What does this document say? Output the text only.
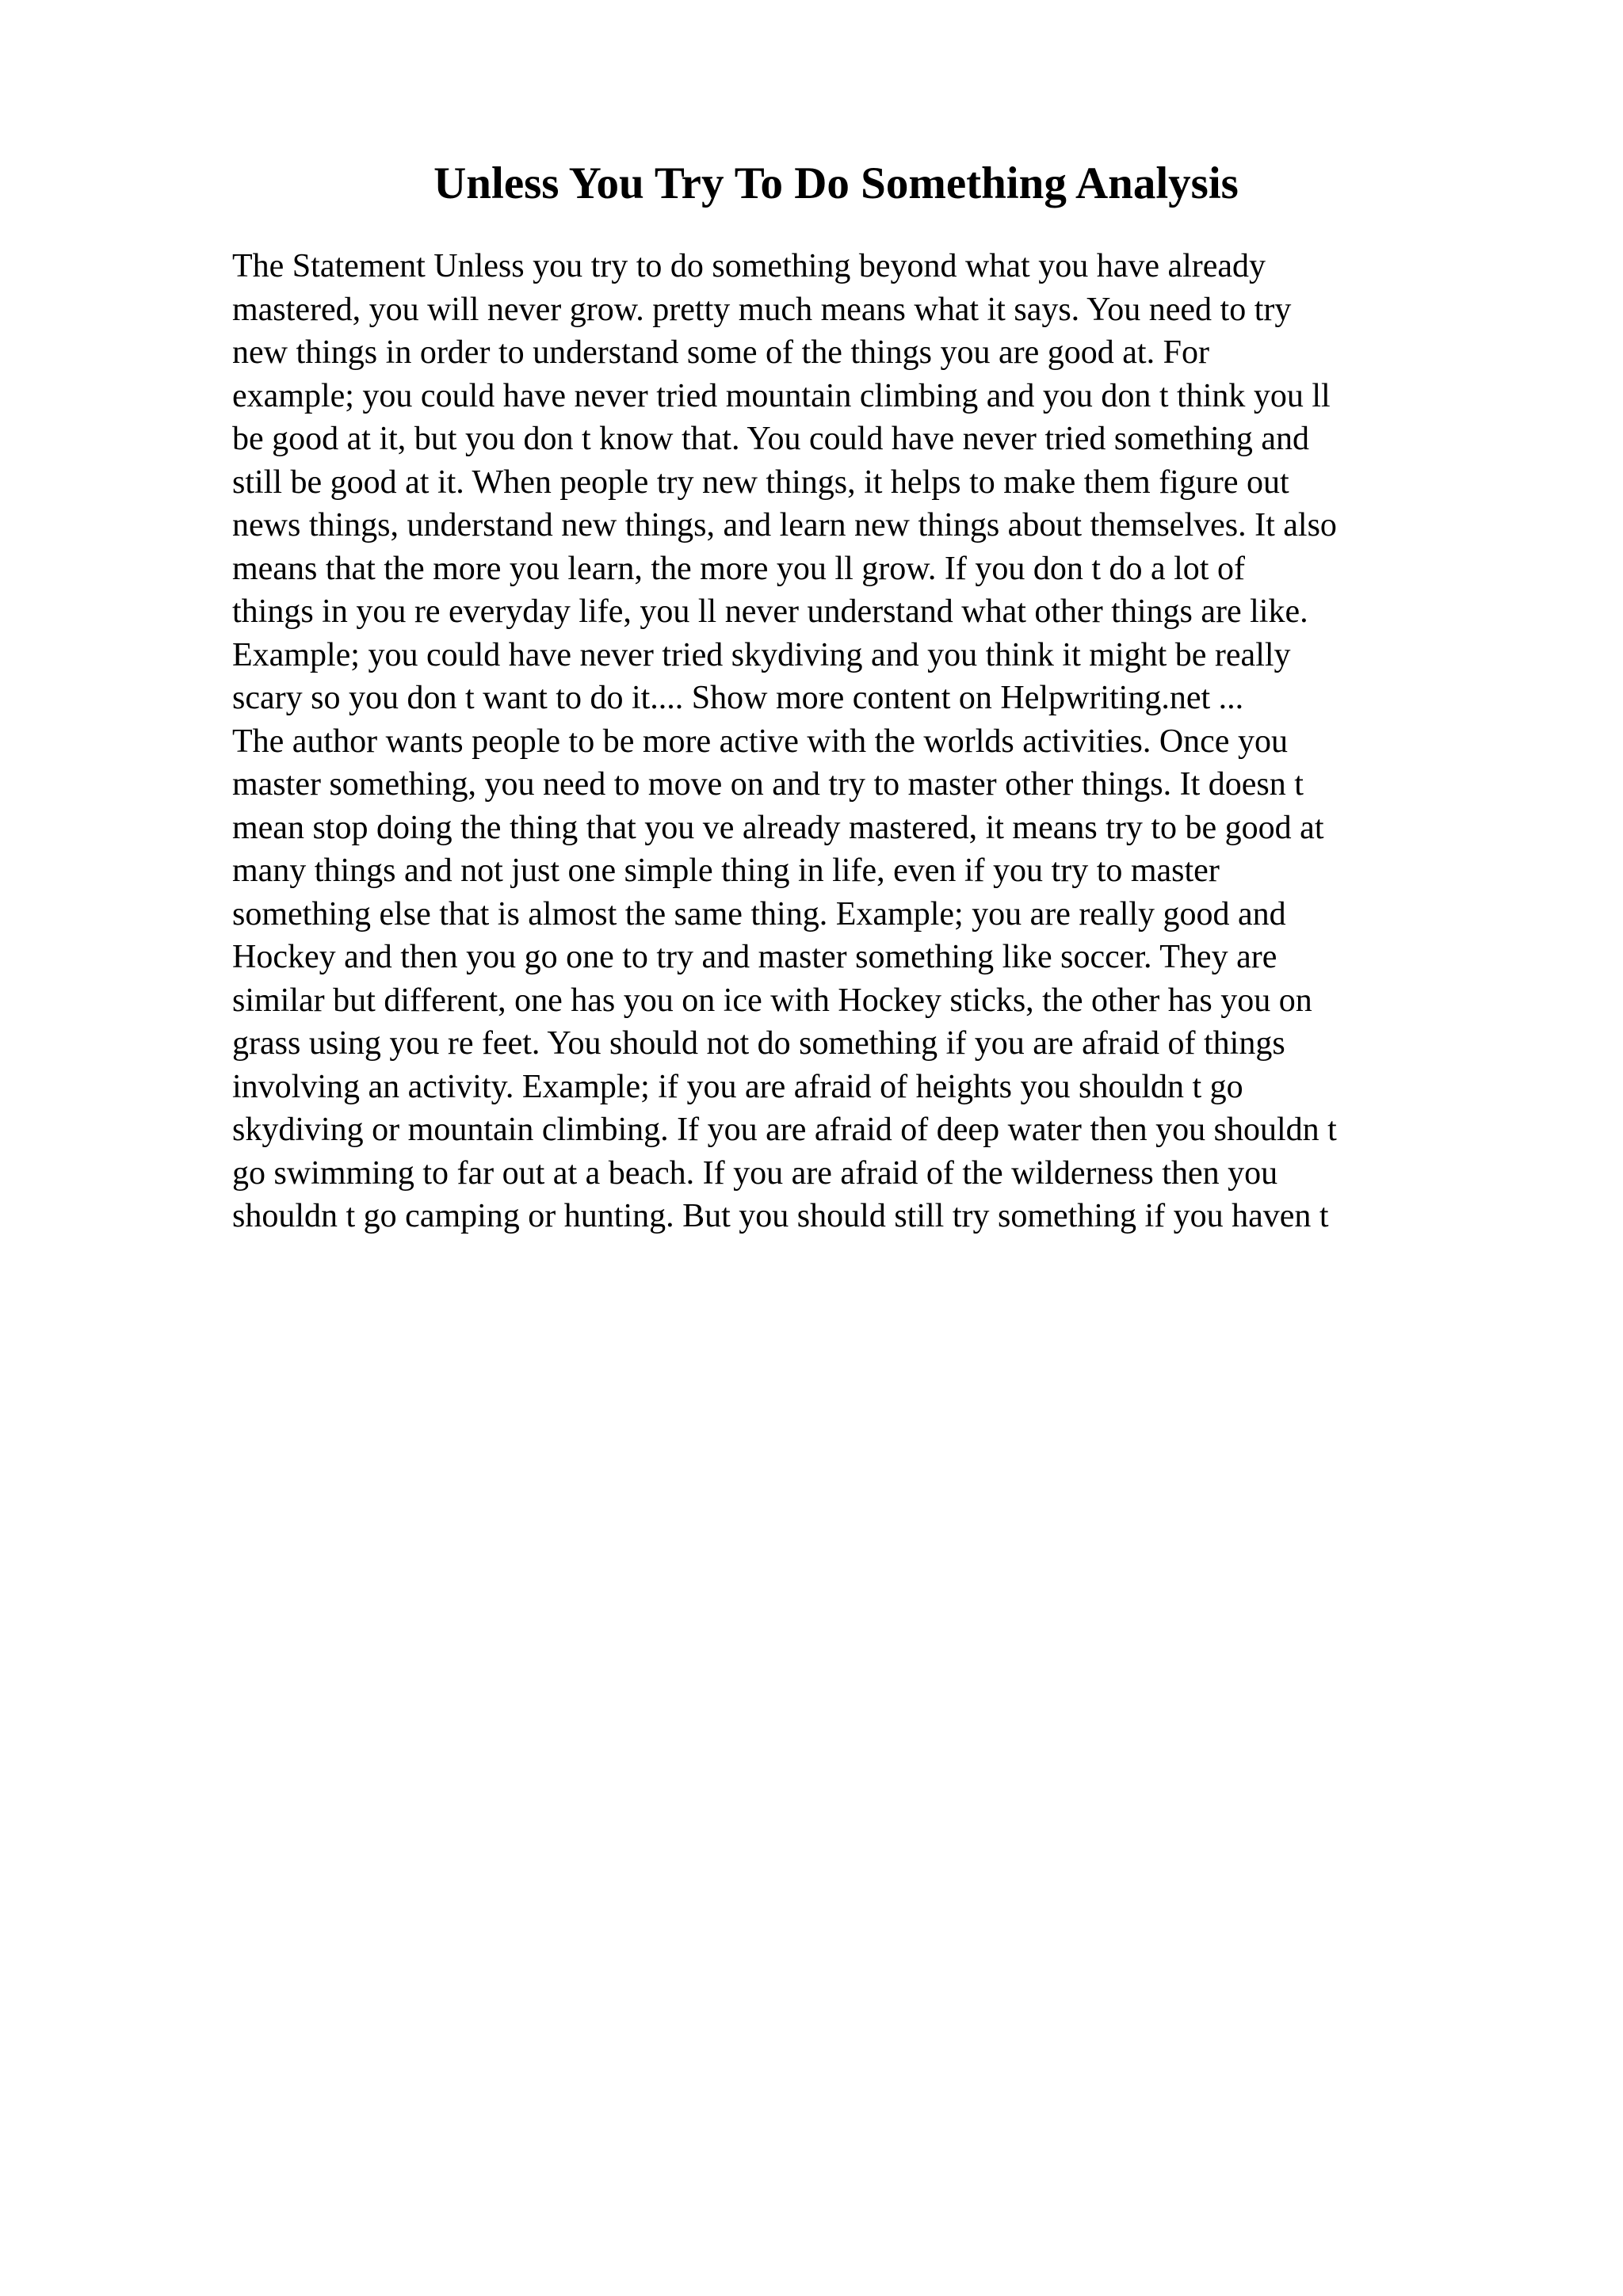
Unless You Try To Do Something Analysis
The Statement Unless you try to do something beyond what you have already
mastered, you will never grow. pretty much means what it says. You need to try
new things in order to understand some of the things you are good at. For
example; you could have never tried mountain climbing and you don t think you ll
be good at it, but you don t know that. You could have never tried something and
still be good at it. When people try new things, it helps to make them figure out
news things, understand new things, and learn new things about themselves. It also
means that the more you learn, the more you ll grow. If you don t do a lot of
things in you re everyday life, you ll never understand what other things are like.
Example; you could have never tried skydiving and you think it might be really
scary so you don t want to do it.... Show more content on Helpwriting.net ...
The author wants people to be more active with the worlds activities. Once you
master something, you need to move on and try to master other things. It doesn t
mean stop doing the thing that you ve already mastered, it means try to be good at
many things and not just one simple thing in life, even if you try to master
something else that is almost the same thing. Example; you are really good and
Hockey and then you go one to try and master something like soccer. They are
similar but different, one has you on ice with Hockey sticks, the other has you on
grass using you re feet. You should not do something if you are afraid of things
involving an activity. Example; if you are afraid of heights you shouldn t go
skydiving or mountain climbing. If you are afraid of deep water then you shouldn t
go swimming to far out at a beach. If you are afraid of the wilderness then you
shouldn t go camping or hunting. But you should still try something if you haven t
